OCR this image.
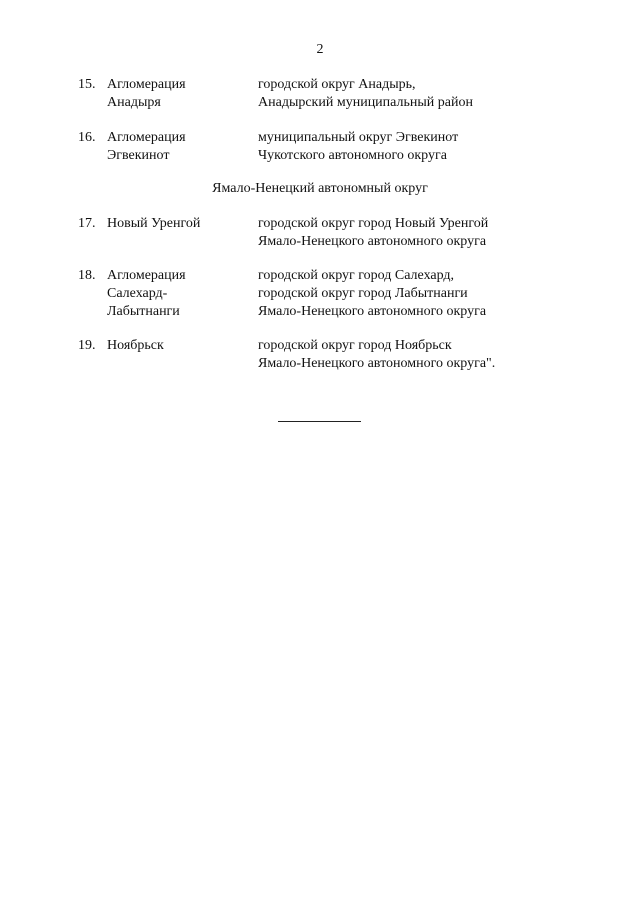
2
15. Агломерация
Анадыря
городской округ Анадырь,
Анадырский муниципальный район
16. Агломерация
Эгвекинот
муниципальный округ Эгвекинот
Чукотского автономного округа
Ямало-Ненецкий автономный округ
17. Новый Уренгой	городской округ город Новый Уренгой
Ямало-Ненецкого автономного округа
18. Агломерация
Салехард-
Лабытнанги
городской округ город Салехард,
городской округ город Лабытнанги
Ямало-Ненецкого автономного округа
19. Ноябрьск	городской округ город Ноябрьск
Ямало-Ненецкого автономного округа".
